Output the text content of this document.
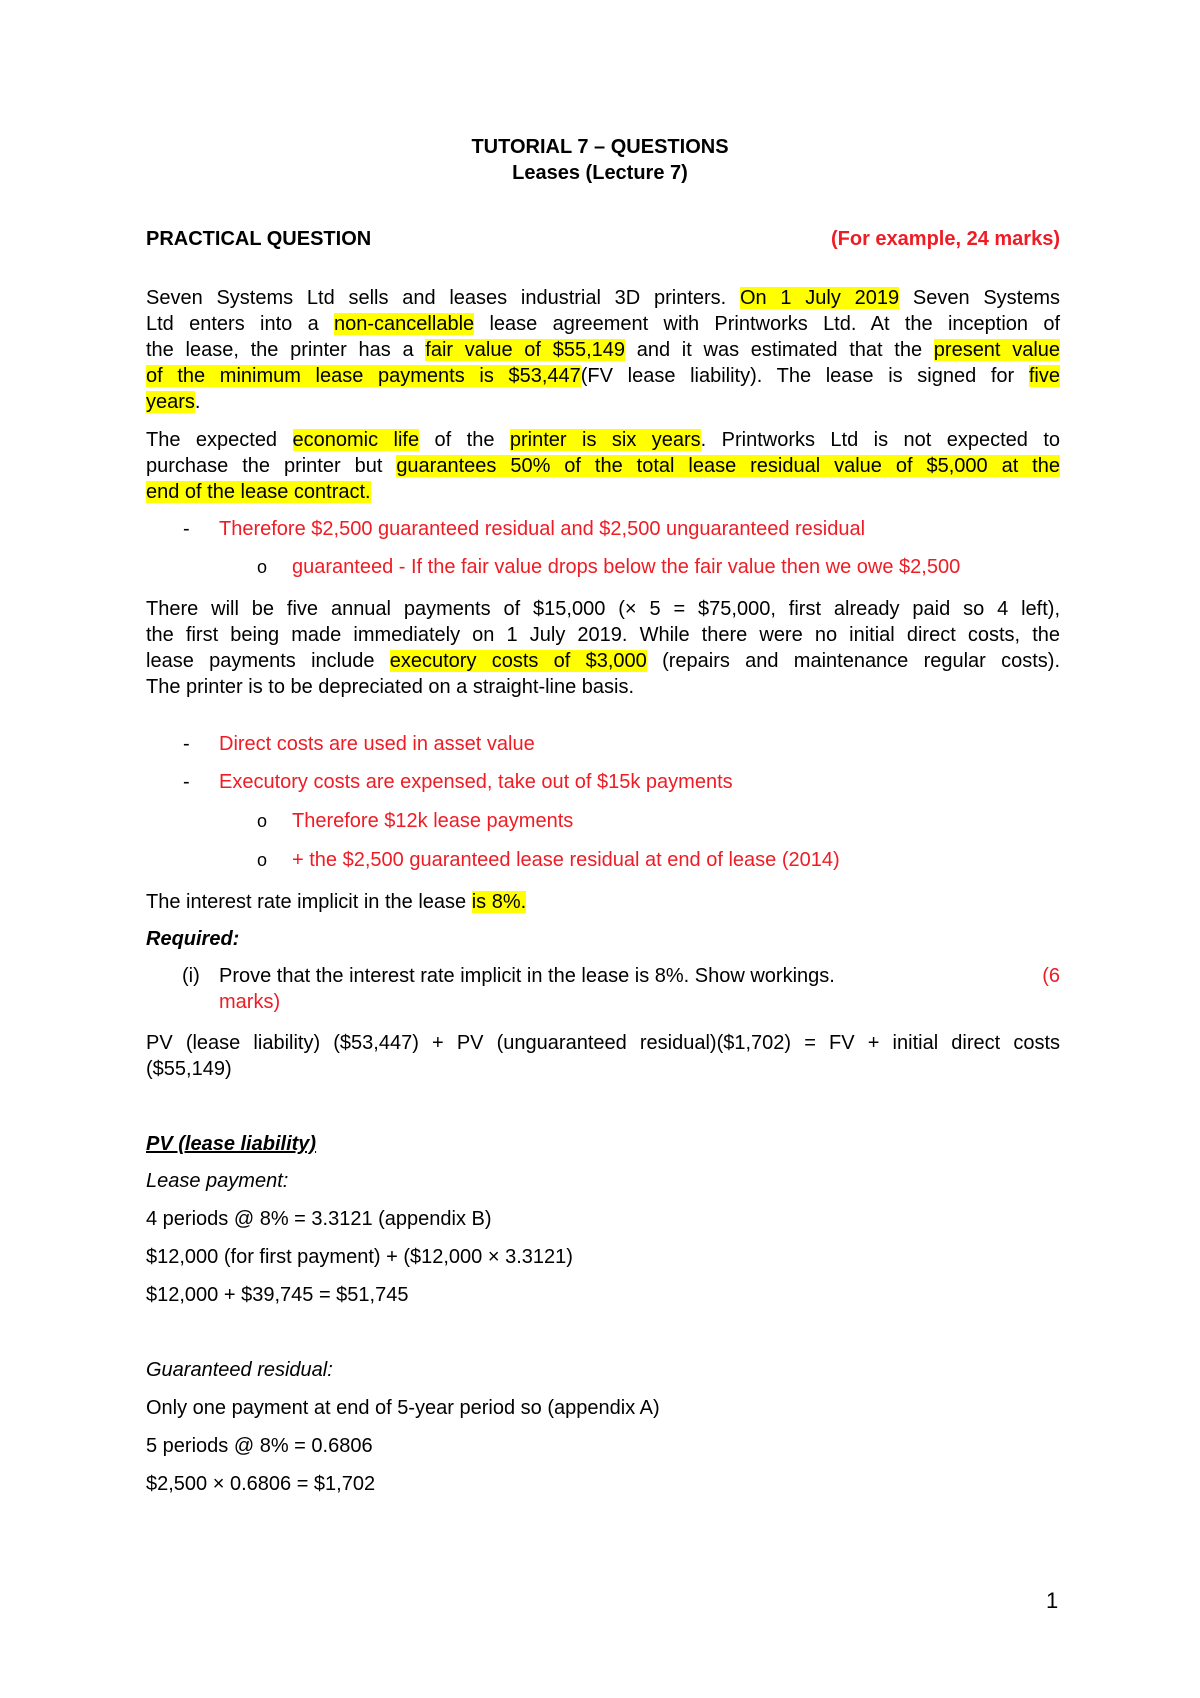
TUTORIAL 7 – QUESTIONS
Leases (Lecture 7)
PRACTICAL QUESTION	(For example, 24 marks)
Seven Systems Ltd sells and leases industrial 3D printers. On 1 July 2019 Seven Systems
Ltd enters into a non-cancellable lease agreement with Printworks Ltd. At the inception of
the lease, the printer has a fair value of $55,149 and it was estimated that the present value
of the minimum lease payments is $53,447(FV lease liability). The lease is signed for five
years.
The expected economic life of the printer is six years. Printworks Ltd is not expected to
purchase the printer but guarantees 50% of the total lease residual value of $5,000 at the
end of the lease contract.
- Therefore $2,500 guaranteed residual and $2,500 unguaranteed residual
o guaranteed - If the fair value drops below the fair value then we owe $2,500
There will be five annual payments of $15,000 (× 5 = $75,000, first already paid so 4 left),
the first being made immediately on 1 July 2019. While there were no initial direct costs, the
lease payments include executory costs of $3,000 (repairs and maintenance regular costs).
The printer is to be depreciated on a straight-line basis.
- Direct costs are used in asset value
- Executory costs are expensed, take out of $15k payments
o Therefore $12k lease payments
o + the $2,500 guaranteed lease residual at end of lease (2014)
The interest rate implicit in the lease is 8%.
Required:
(i) Prove that the interest rate implicit in the lease is 8%. Show workings.	(6
marks)
PV (lease liability) ($53,447) + PV (unguaranteed residual)($1,702) = FV + initial direct costs
($55,149)
PV (lease liability)
Lease payment:
4 periods @ 8% = 3.3121 (appendix B)
$12,000 (for first payment) + ($12,000 × 3.3121)
$12,000 + $39,745 = $51,745
Guaranteed residual:
Only one payment at end of 5-year period so (appendix A)
5 periods @ 8% = 0.6806
$2,500 × 0.6806 = $1,702
1
